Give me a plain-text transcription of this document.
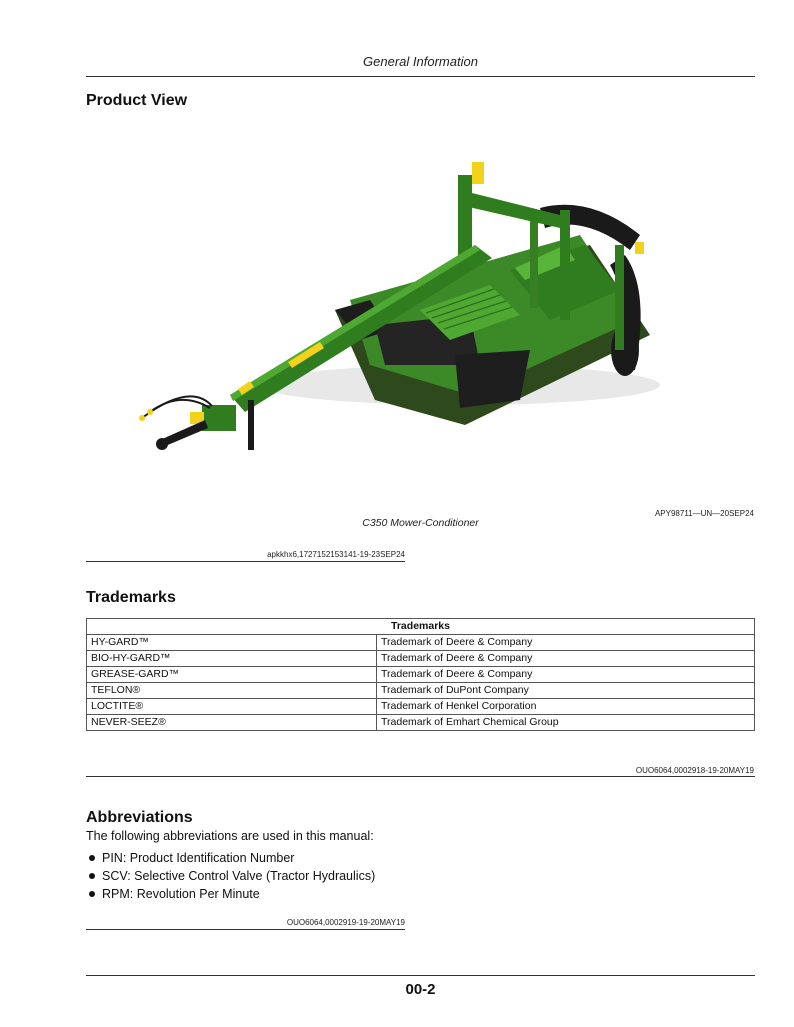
General Information
Product View
APY98711—UN—20SEP24
C350 Mower-Conditioner
apkkhx6,1727152153141-19-23SEP24
Trademarks
Trademarks	
HY-GARD™	Trademark of Deere & Company
BIO-HY-GARD™	Trademark of Deere & Company
GREASE-GARD™	Trademark of Deere & Company
TEFLON®	Trademark of DuPont Company
LOCTITE®	Trademark of Henkel Corporation
NEVER-SEEZ®	Trademark of Emhart Chemical Group
OUO6064,0002918-19-20MAY19
Abbreviations
The following abbreviations are used in this manual:
PIN: Product Identification Number
SCV: Selective Control Valve (Tractor Hydraulics)
RPM: Revolution Per Minute
OUO6064,0002919-19-20MAY19
00-2
